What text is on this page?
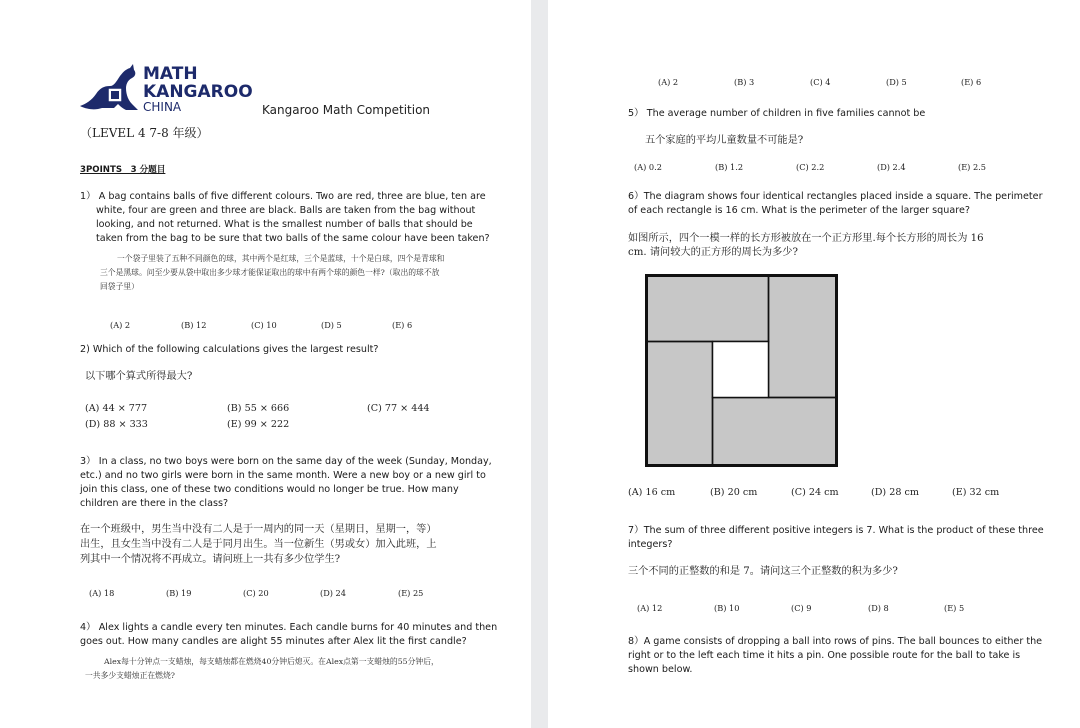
MATH
KANGAROO
CHINA	Kangaroo Math Competition
（LEVEL 4 7-8 年级）
3POINTS　3 分题目
1） A bag contains balls of five different colours. Two are red, three are blue, ten are
white, four are green and three are black. Balls are taken from the bag without
looking, and not returned. What is the smallest number of balls that should be
taken from the bag to be sure that two balls of the same colour have been taken?
一个袋子里装了五种不同颜色的球，其中两个是红球，三个是蓝球，十个是白球，四个是青球和
三个是黑球。问至少要从袋中取出多少球才能保证取出的球中有两个球的颜色一样?（取出的球不放
回袋子里）
(A) 2	(B) 12	(C) 10	(D) 5	(E) 6
2) Which of the following calculations gives the largest result?
以下哪个算式所得最大?
(A) 44 × 777	(B) 55 × 666	(C) 77 × 444
(D) 88 × 333	(E) 99 × 222
3） In a class, no two boys were born on the same day of the week (Sunday, Monday,
etc.) and no two girls were born in the same month. Were a new boy or a new girl to
join this class, one of these two conditions would no longer be true. How many
children are there in the class?
在一个班级中，男生当中没有二人是于一周内的同一天（星期日，星期一，等）
出生，且女生当中没有二人是于同月出生。当一位新生（男或女）加入此班，上
列其中一个情况将不再成立。请问班上一共有多少位学生?
(A) 18	(B) 19	(C) 20	(D) 24	(E) 25
4） Alex lights a candle every ten minutes. Each candle burns for 40 minutes and then
goes out. How many candles are alight 55 minutes after Alex lit the first candle?
Alex每十分钟点一支蜡烛，每支蜡烛都在燃烧40分钟后熄灭。在Alex点第一支蜡烛的55分钟后，
一共多少支蜡烛正在燃烧?
(A) 2	(B) 3	(C) 4	(D) 5	(E) 6
5） The average number of children in five families cannot be
五个家庭的平均儿童数量不可能是?
(A) 0.2	(B) 1.2	(C) 2.2	(D) 2.4	(E) 2.5
6）The diagram shows four identical rectangles placed inside a square. The perimeter
of each rectangle is 16 cm. What is the perimeter of the larger square?
如图所示，四个一模一样的长方形被放在一个正方形里.每个长方形的周长为 16
cm. 请问较大的正方形的周长为多少?
(A) 16 cm	(B) 20 cm	(C) 24 cm	(D) 28 cm	(E) 32 cm
7）The sum of three different positive integers is 7. What is the product of these three
integers?
三个不同的正整数的和是 7。请问这三个正整数的积为多少?
(A) 12	(B) 10	(C) 9	(D) 8	(E) 5
8）A game consists of dropping a ball into rows of pins. The ball bounces to either the
right or to the left each time it hits a pin. One possible route for the ball to take is
shown below.
